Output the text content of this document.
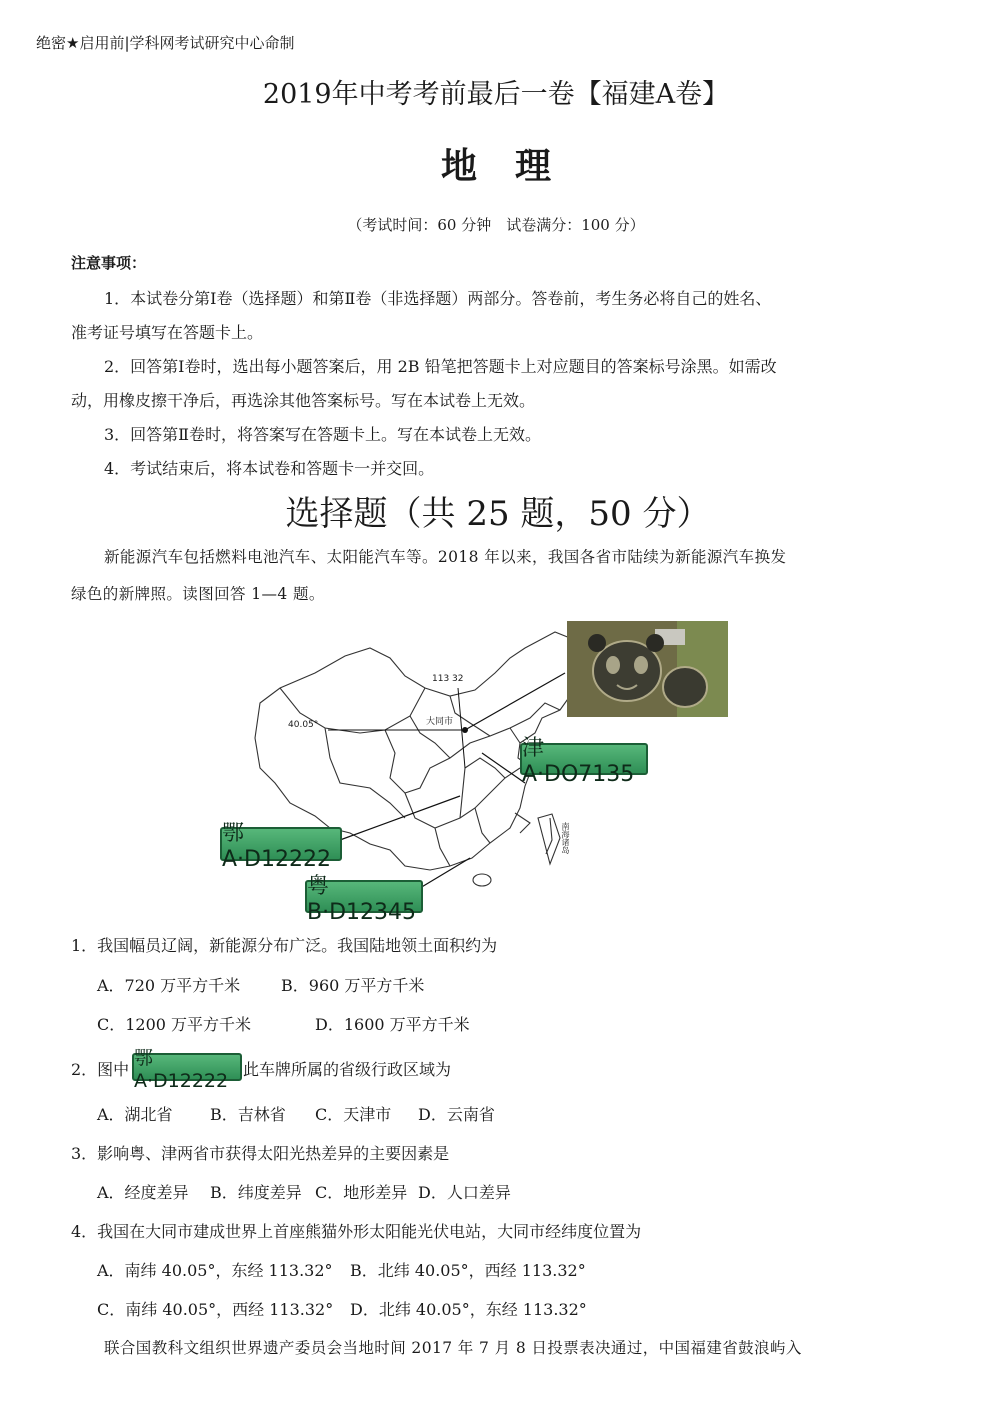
绝密★启用前|学科网考试研究中心命制
2019年中考考前最后一卷【福建A卷】
地理
（考试时间：60 分钟　试卷满分：100 分）
注意事项：
1．本试卷分第Ⅰ卷（选择题）和第Ⅱ卷（非选择题）两部分。答卷前，考生务必将自己的姓名、
准考证号填写在答题卡上。
2．回答第Ⅰ卷时，选出每小题答案后，用 2B 铅笔把答题卡上对应题目的答案标号涂黑。如需改
动，用橡皮擦干净后，再选涂其他答案标号。写在本试卷上无效。
3．回答第Ⅱ卷时，将答案写在答题卡上。写在本试卷上无效。
4．考试结束后，将本试卷和答题卡一并交回。
选择题（共 25 题，50 分）
新能源汽车包括燃料电池汽车、太阳能汽车等。2018 年以来，我国各省市陆续为新能源汽车换发
绿色的新牌照。读图回答 1—4 题。
113 32
40.05°	大同市
南海诸岛
津A·DO7135
鄂A·D12222
粤B·D12345
1．我国幅员辽阔，新能源分布广泛。我国陆地领土面积约为
A．720 万平方千米	B．960 万平方千米
C．1200 万平方千米	D．1600 万平方千米
2．图中
鄂A·D12222 此车牌所属的省级行政区域为
A．湖北省 B．吉林省 C．天津市 D．云南省
3．影响粤、津两省市获得太阳光热差异的主要因素是
A．经度差异 B．纬度差异 C．地形差异 D．人口差异
4．我国在大同市建成世界上首座熊猫外形太阳能光伏电站，大同市经纬度位置为
A．南纬 40.05°，东经 113.32° B．北纬 40.05°，西经 113.32°
C．南纬 40.05°，西经 113.32° D．北纬 40.05°，东经 113.32°
联合国教科文组织世界遗产委员会当地时间 2017 年 7 月 8 日投票表决通过，中国福建省鼓浪屿入
